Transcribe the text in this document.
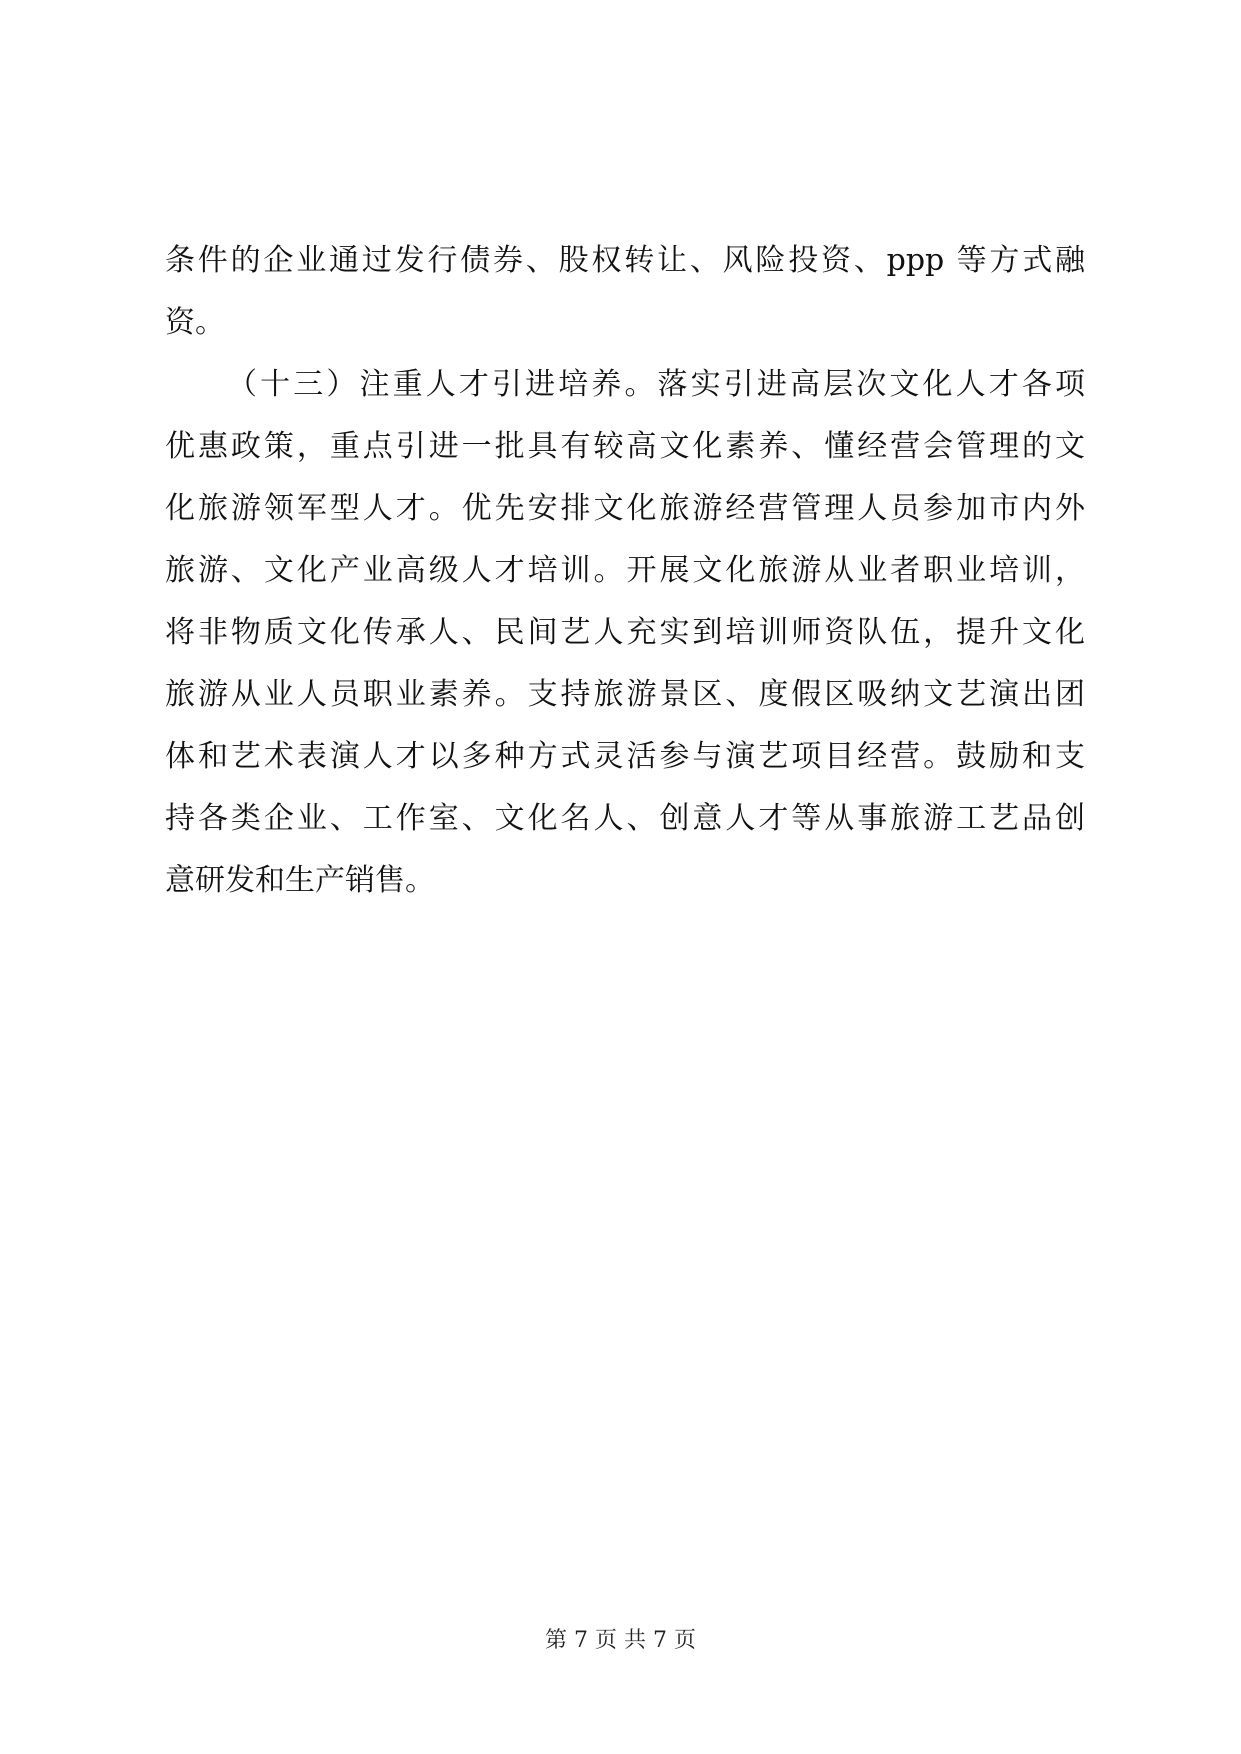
条件的企业通过发行债券、股权转让、风险投资、ppp 等方式融
资。
（十三）注重人才引进培养。落实引进高层次文化人才各项
优惠政策，重点引进一批具有较高文化素养、懂经营会管理的文
化旅游领军型人才。优先安排文化旅游经营管理人员参加市内外
旅游、文化产业高级人才培训。开展文化旅游从业者职业培训，
将非物质文化传承人、民间艺人充实到培训师资队伍，提升文化
旅游从业人员职业素养。支持旅游景区、度假区吸纳文艺演出团
体和艺术表演人才以多种方式灵活参与演艺项目经营。鼓励和支
持各类企业、工作室、文化名人、创意人才等从事旅游工艺品创
意研发和生产销售。
第 7 页 共 7 页
